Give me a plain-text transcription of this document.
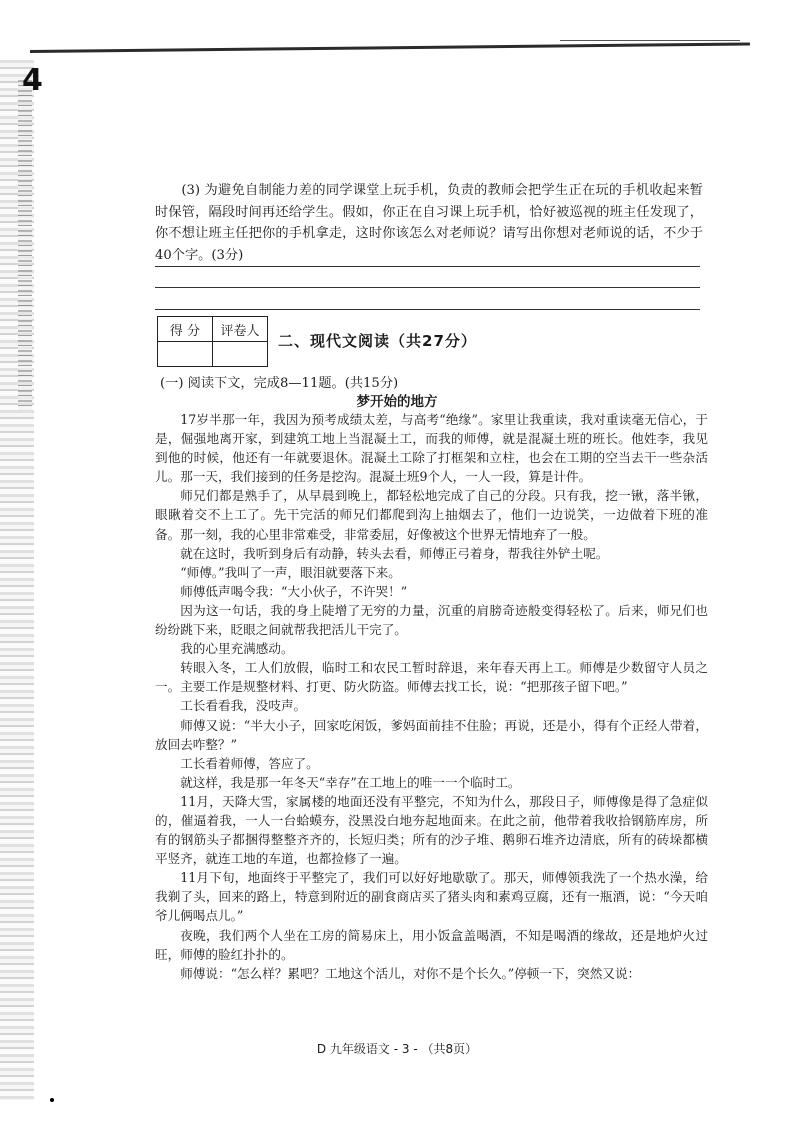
4

(3) 为避免自制能力差的同学课堂上玩手机，负责的教师会把学生正在玩的手机收起来暂时保管，隔段时间再还给学生。假如，你正在自习课上玩手机，恰好被巡视的班主任发现了，你不想让班主任把你的手机拿走，这时你该怎么对老师说？请写出你想对老师说的话，不少于40个字。(3分)

得 分	评卷人

二、现代文阅读（共27分）
(一) 阅读下文，完成8—11题。(共15分)
梦开始的地方

17岁半那一年，我因为预考成绩太差，与高考“绝缘”。家里让我重读，我对重读毫无信心，于是，倔强地离开家，到建筑工地上当混凝土工，而我的师傅，就是混凝土班的班长。他姓李，我见到他的时候，他还有一年就要退休。混凝土工除了打框架和立柱，也会在工期的空当去干一些杂活儿。那一天，我们接到的任务是挖沟。混凝土班9个人，一人一段，算是计件。

师兄们都是熟手了，从早晨到晚上，都轻松地完成了自己的分段。只有我，挖一锹，落半锹，眼瞅着交不上工了。先干完活的师兄们都爬到沟上抽烟去了，他们一边说笑，一边做着下班的准备。那一刻，我的心里非常难受，非常委屈，好像被这个世界无情地弃了一般。

就在这时，我听到身后有动静，转头去看，师傅正弓着身，帮我往外铲土呢。

“师傅。”我叫了一声，眼泪就要落下来。

师傅低声喝令我：“大小伙子，不许哭！”

因为这一句话，我的身上陡增了无穷的力量，沉重的肩膀奇迹般变得轻松了。后来，师兄们也纷纷跳下来，眨眼之间就帮我把活儿干完了。

我的心里充满感动。

转眼入冬，工人们放假，临时工和农民工暂时辞退，来年春天再上工。师傅是少数留守人员之一。主要工作是规整材料、打更、防火防盗。师傅去找工长，说：“把那孩子留下吧。”

工长看看我，没吱声。

师傅又说：“半大小子，回家吃闲饭，爹妈面前挂不住脸；再说，还是小，得有个正经人带着，放回去咋整？”

工长看着师傅，答应了。

就这样，我是那一年冬天“幸存”在工地上的唯一一个临时工。

11月，天降大雪，家属楼的地面还没有平整完，不知为什么，那段日子，师傅像是得了急症似的，催逼着我，一人一台蛤蟆夯，没黑没白地夯起地面来。在此之前，他带着我收拾钢筋库房，所有的钢筋头子都捆得整整齐齐的，长短归类；所有的沙子堆、鹅卵石堆齐边清底，所有的砖垛都横平竖齐，就连工地的车道，也都捡修了一遍。

11月下旬，地面终于平整完了，我们可以好好地歇歇了。那天，师傅领我洗了一个热水澡，给我剃了头，回来的路上，特意到附近的副食商店买了猪头肉和素鸡豆腐，还有一瓶酒，说：“今天咱爷儿俩喝点儿。”

夜晚，我们两个人坐在工房的简易床上，用小饭盒盖喝酒，不知是喝酒的缘故，还是地炉火过旺，师傅的脸红扑扑的。

师傅说：“怎么样？累吧？工地这个活儿，对你不是个长久。”停顿一下，突然又说：

D 九年级语文 - 3 - （共8页）
